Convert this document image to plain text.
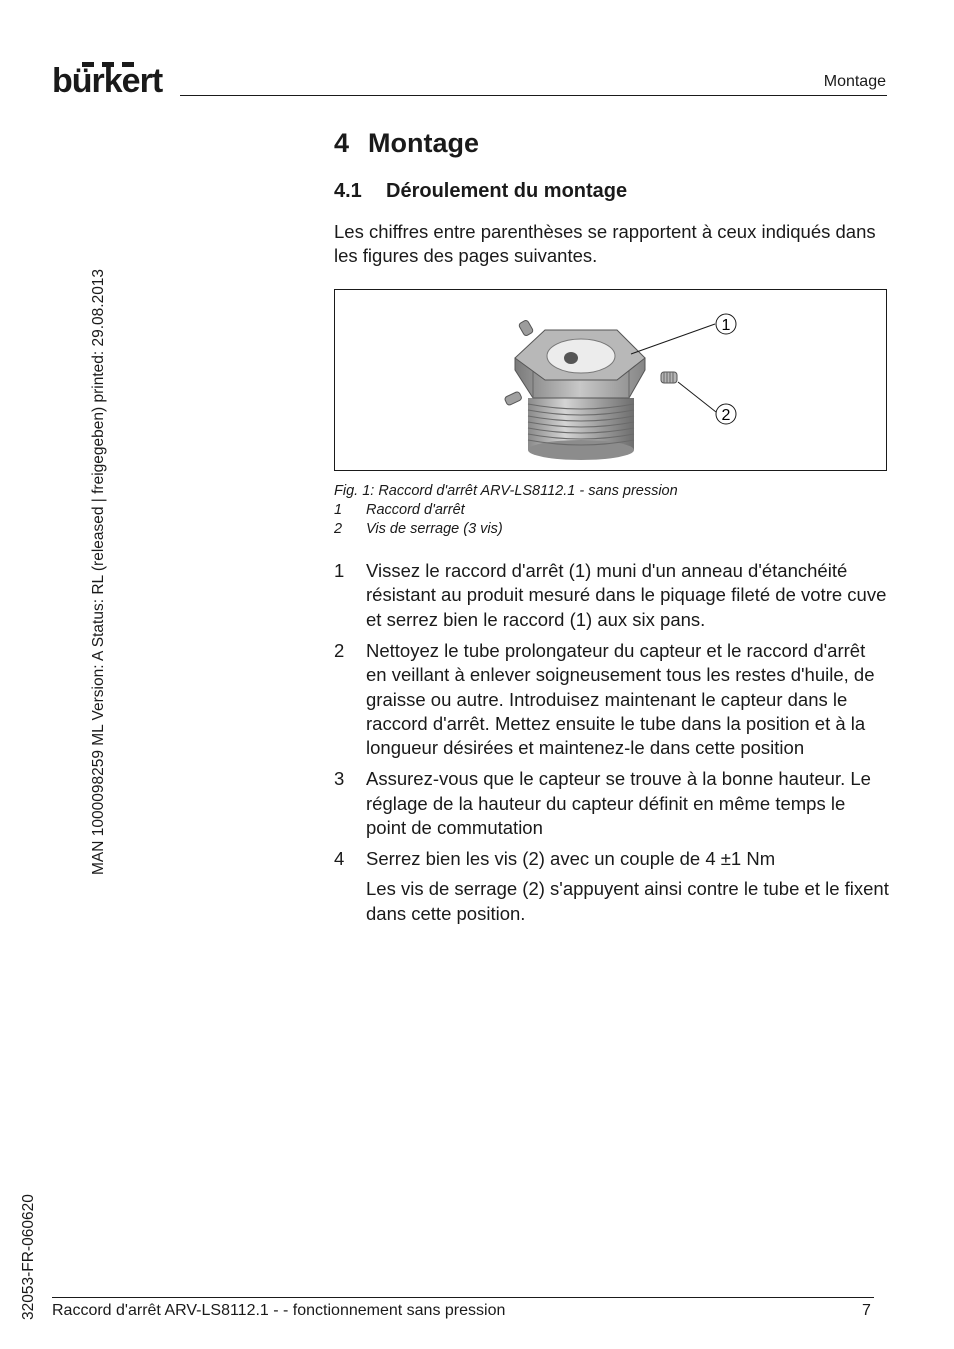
bürkert	Montage
MAN 1000098259 ML Version: A Status: RL (released | freigegeben) printed: 29.08.2013
32053-FR-060620
4 Montage
4.1 Déroulement du montage
Les chiffres entre parenthèses se rapportent à ceux indiqués dans les figures des pages suivantes.
1
2
Fig. 1: Raccord d'arrêt ARV-LS8112.1 - sans pression
1	Raccord d'arrêt
2	Vis de serrage (3 vis)
1	Vissez le raccord d'arrêt (1) muni d'un anneau d'étanchéité résistant au produit mesuré dans le piquage fileté de votre cuve et serrez bien le raccord (1) aux six pans.
2	Nettoyez le tube prolongateur du capteur et le raccord d'arrêt en veillant à enlever soigneusement tous les restes d'huile, de graisse ou autre. Introduisez maintenant le capteur dans le raccord d'arrêt. Mettez ensuite le tube dans la position et à la longueur désirées et maintenez-le dans cette position
3	Assurez-vous que le capteur se trouve à la bonne hauteur. Le réglage de la hauteur du capteur définit en même temps le point de commutation
4	Serrez bien les vis (2) avec un couple de 4 ±1 Nm
Les vis de serrage (2) s'appuyent ainsi contre le tube et le fixent dans cette position.
Raccord d'arrêt ARV-LS8112.1 - - fonctionnement sans pression	7
